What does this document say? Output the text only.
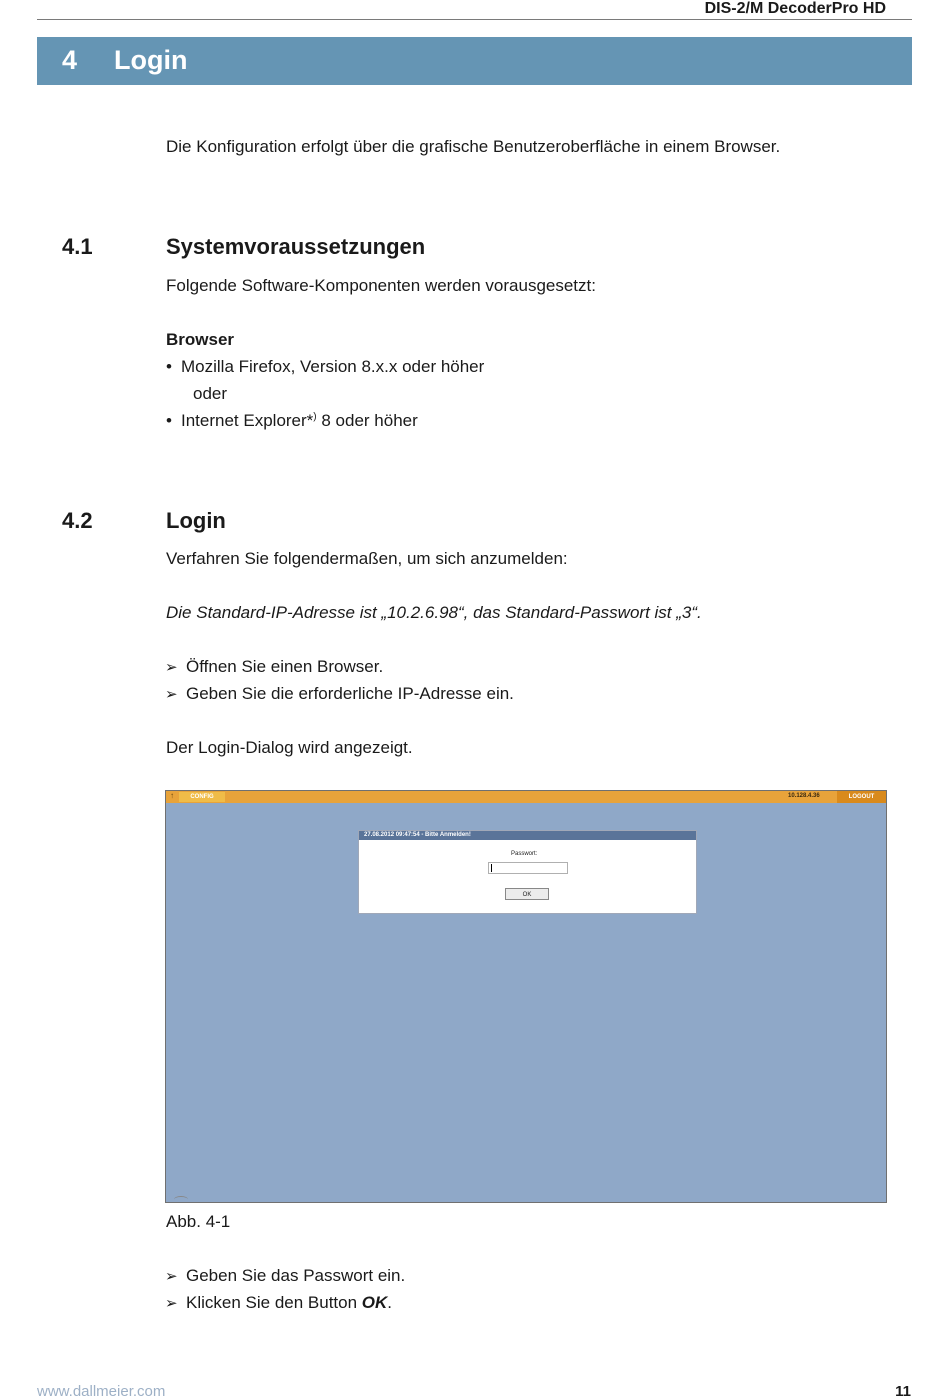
DIS-2/M DecoderPro HD
4 Login
Die Konfiguration erfolgt über die grafische Benutzeroberfläche in einem Browser.
4.1	Systemvoraussetzungen
Folgende Software-Komponenten werden vorausgesetzt:
Browser
• Mozilla Firefox, Version 8.x.x oder höher
oder
• Internet Explorer*) 8 oder höher
4.2	Login
Verfahren Sie folgendermaßen, um sich anzumelden:
Die Standard-IP-Adresse ist „10.2.6.98“, das Standard-Passwort ist „3“.
➢ Öffnen Sie einen Browser.
➢ Geben Sie die erforderliche IP-Adresse ein.
Der Login-Dialog wird angezeigt.
↑	CONFIG	10.128.4.36	LOGOUT
27.08.2012 09:47:54 - Bitte Anmelden!
Passwort:
OK
Abb. 4-1
➢ Geben Sie das Passwort ein.
➢ Klicken Sie den Button OK.
www.dallmeier.com	11
